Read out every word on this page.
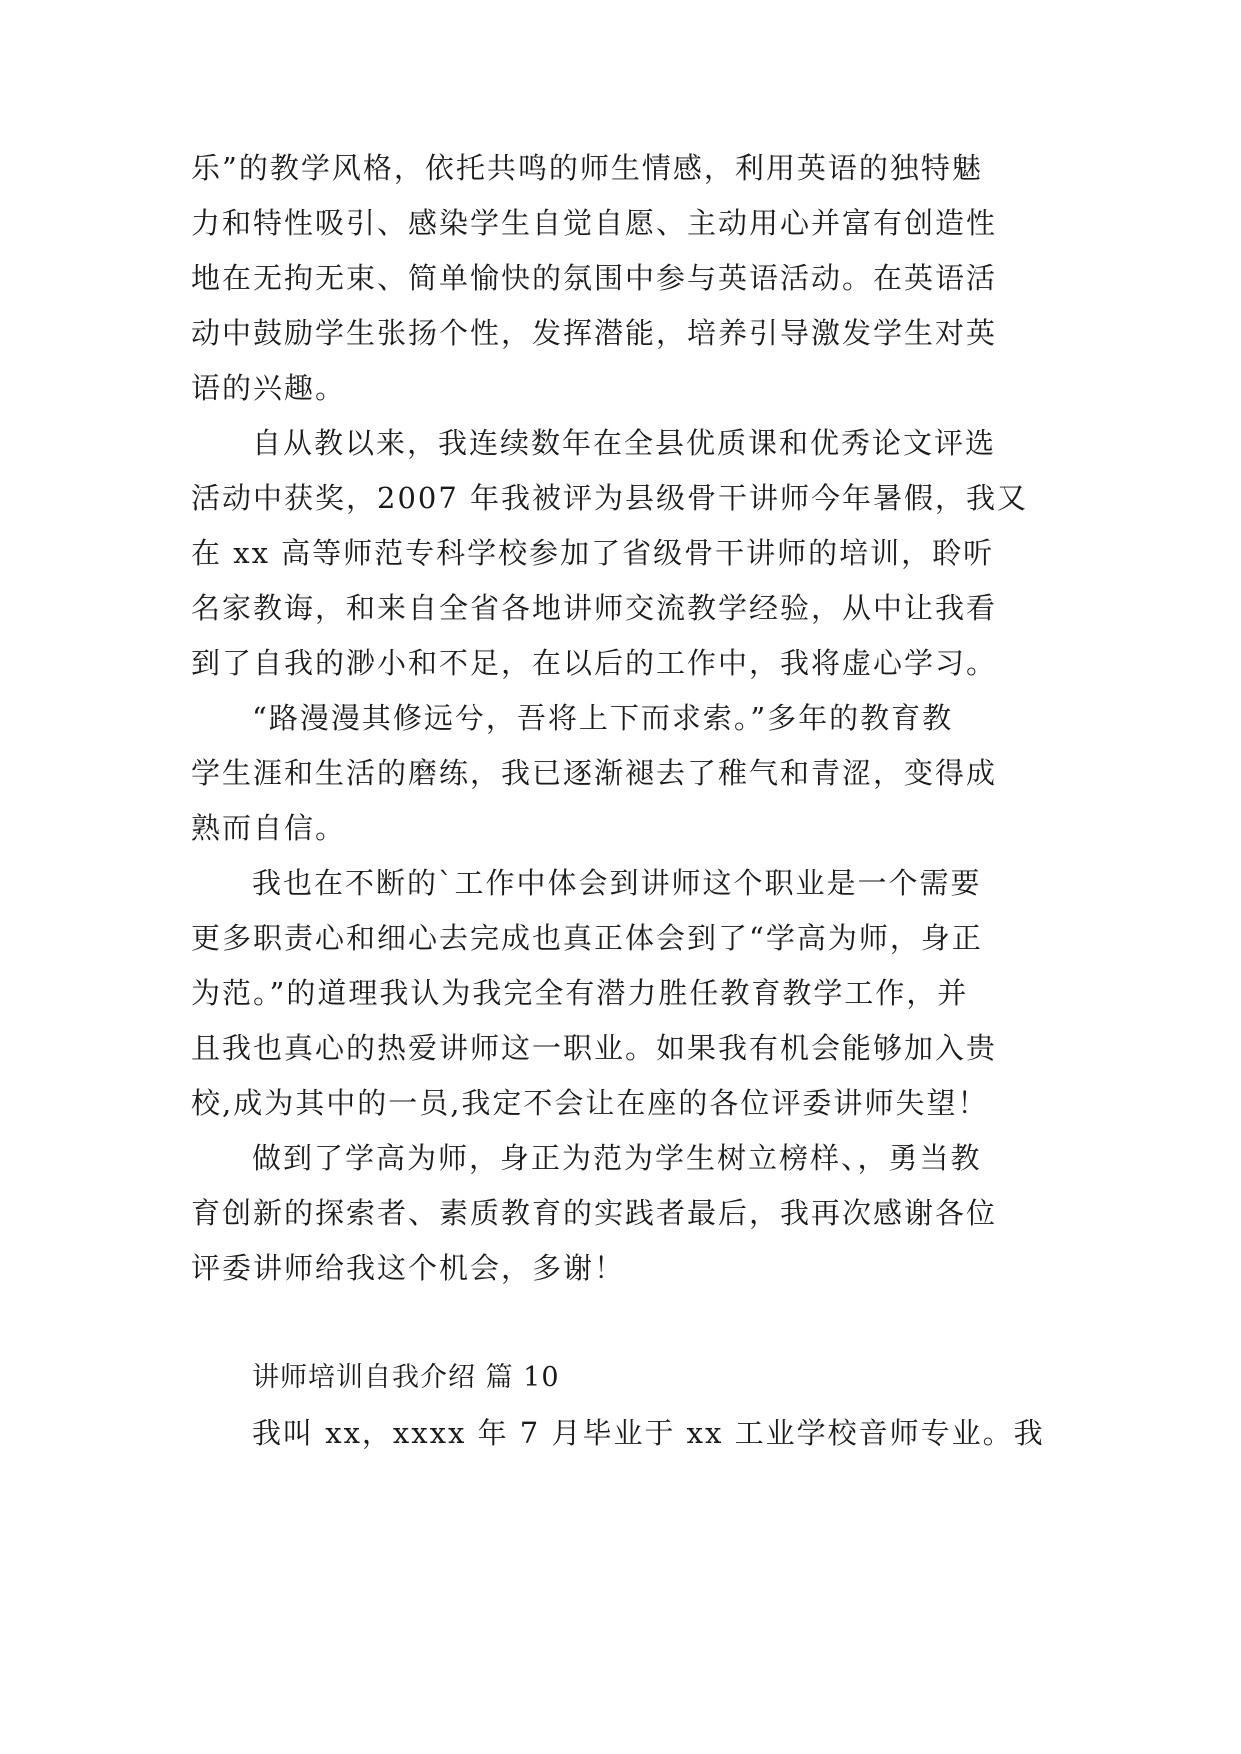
乐”的教学风格，依托共鸣的师生情感，利用英语的独特魅
力和特性吸引、感染学生自觉自愿、主动用心并富有创造性
地在无拘无束、简单愉快的氛围中参与英语活动。在英语活
动中鼓励学生张扬个性，发挥潜能，培养引导激发学生对英
语的兴趣。
自从教以来，我连续数年在全县优质课和优秀论文评选
活动中获奖，2007 年我被评为县级骨干讲师今年暑假，我又
在 xx 高等师范专科学校参加了省级骨干讲师的培训，聆听
名家教诲，和来自全省各地讲师交流教学经验，从中让我看
到了自我的渺小和不足，在以后的工作中，我将虚心学习。
“路漫漫其修远兮，吾将上下而求索。”多年的教育教
学生涯和生活的磨练，我已逐渐褪去了稚气和青涩，变得成
熟而自信。
我也在不断的`工作中体会到讲师这个职业是一个需要
更多职责心和细心去完成也真正体会到了“学高为师，身正
为范。”的道理我认为我完全有潜力胜任教育教学工作，并
且我也真心的热爱讲师这一职业。如果我有机会能够加入贵
校,成为其中的一员,我定不会让在座的各位评委讲师失望！
做到了学高为师，身正为范为学生树立榜样、，勇当教
育创新的探索者、素质教育的实践者最后，我再次感谢各位
评委讲师给我这个机会，多谢！
讲师培训自我介绍 篇 10
我叫 xx，xxxx 年 7 月毕业于 xx 工业学校音师专业。我
